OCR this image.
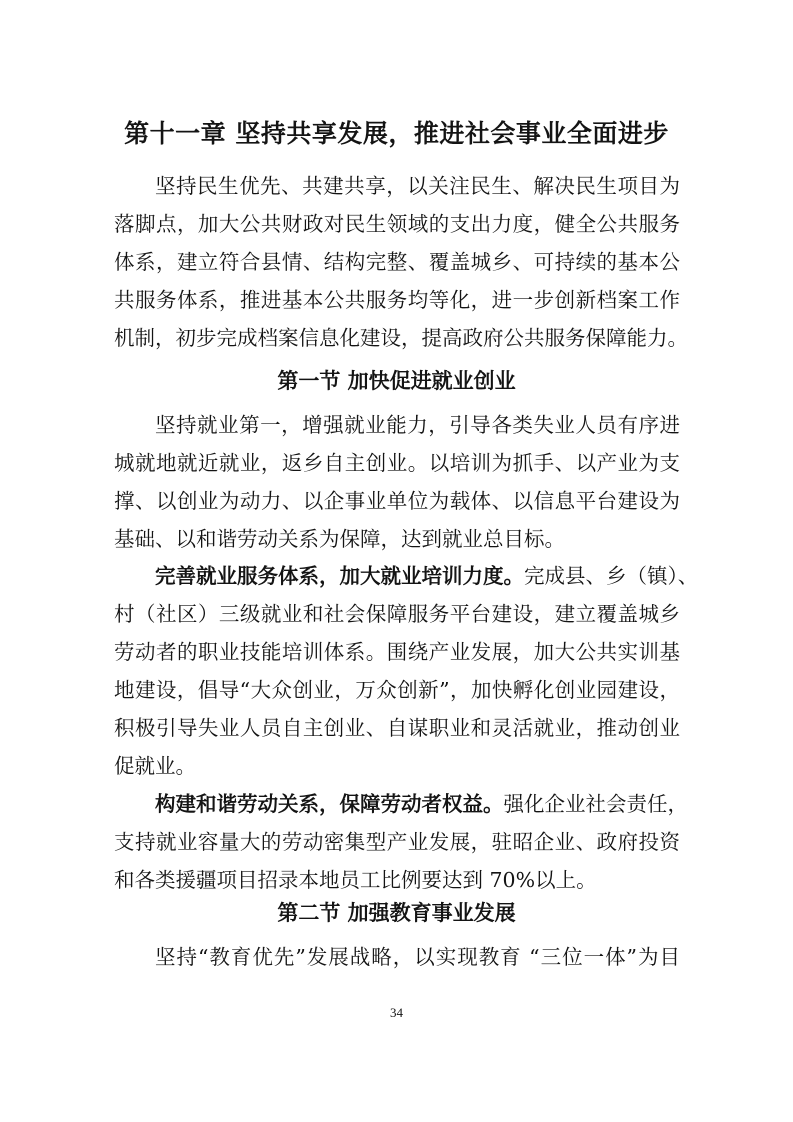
第十一章 坚持共享发展，推进社会事业全面进步

坚持民生优先、共建共享，以关注民生、解决民生项目为
落脚点，加大公共财政对民生领域的支出力度，健全公共服务
体系，建立符合县情、结构完整、覆盖城乡、可持续的基本公
共服务体系，推进基本公共服务均等化，进一步创新档案工作
机制，初步完成档案信息化建设，提高政府公共服务保障能力。

第一节 加快促进就业创业

坚持就业第一，增强就业能力，引导各类失业人员有序进
城就地就近就业，返乡自主创业。以培训为抓手、以产业为支
撑、以创业为动力、以企事业单位为载体、以信息平台建设为
基础、以和谐劳动关系为保障，达到就业总目标。

完善就业服务体系，加大就业培训力度。完成县、乡（镇）、
村（社区）三级就业和社会保障服务平台建设，建立覆盖城乡
劳动者的职业技能培训体系。围绕产业发展，加大公共实训基
地建设，倡导“大众创业，万众创新”，加快孵化创业园建设，
积极引导失业人员自主创业、自谋职业和灵活就业，推动创业
促就业。

构建和谐劳动关系，保障劳动者权益。强化企业社会责任，
支持就业容量大的劳动密集型产业发展，驻昭企业、政府投资
和各类援疆项目招录本地员工比例要达到 70%以上。

第二节 加强教育事业发展

坚持“教育优先”发展战略，以实现教育 “三位一体”为目

34
